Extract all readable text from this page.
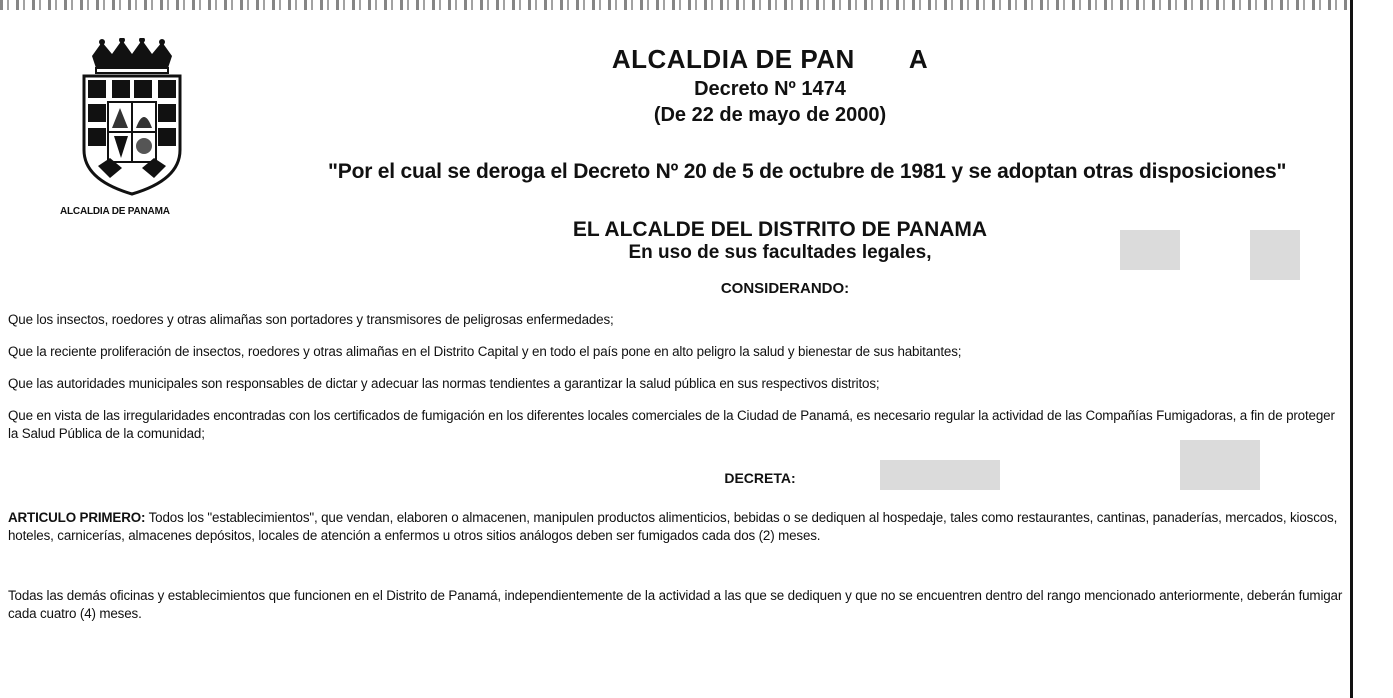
ALCALDIA DE PANAMA
ALCALDIA DE PAN A
Decreto Nº 1474
(De 22 de mayo de 2000)
"Por el cual se deroga el Decreto Nº 20 de 5 de octubre de 1981 y se adoptan otras disposiciones"
EL ALCALDE DEL DISTRITO DE PANAMA
En uso de sus facultades legales,
CONSIDERANDO:
Que los insectos, roedores y otras alimañas son portadores y transmisores de peligrosas enfermedades;
Que la reciente proliferación de insectos, roedores y otras alimañas en el Distrito Capital y en todo el país pone en alto peligro la salud y bienestar de sus habitantes;
Que las autoridades municipales son responsables de dictar y adecuar las normas tendientes a garantizar la salud pública en sus respectivos distritos;
Que en vista de las irregularidades encontradas con los certificados de fumigación en los diferentes locales comerciales de la Ciudad de Panamá, es necesario regular la actividad de las Compañías Fumigadoras, a fin de proteger la Salud Pública de la comunidad;
DECRETA:
ARTICULO PRIMERO: Todos los "establecimientos", que vendan, elaboren o almacenen, manipulen productos alimenticios, bebidas o se dediquen al hospedaje, tales como restaurantes, cantinas, panaderías, mercados, kioscos, hoteles, carnicerías, almacenes depósitos, locales de atención a enfermos u otros sitios análogos deben ser fumigados cada dos (2) meses.
Todas las demás oficinas y establecimientos que funcionen en el Distrito de Panamá, independientemente de la actividad a las que se dediquen y que no se encuentren dentro del rango mencionado anteriormente, deberán fumigar cada cuatro (4) meses.
